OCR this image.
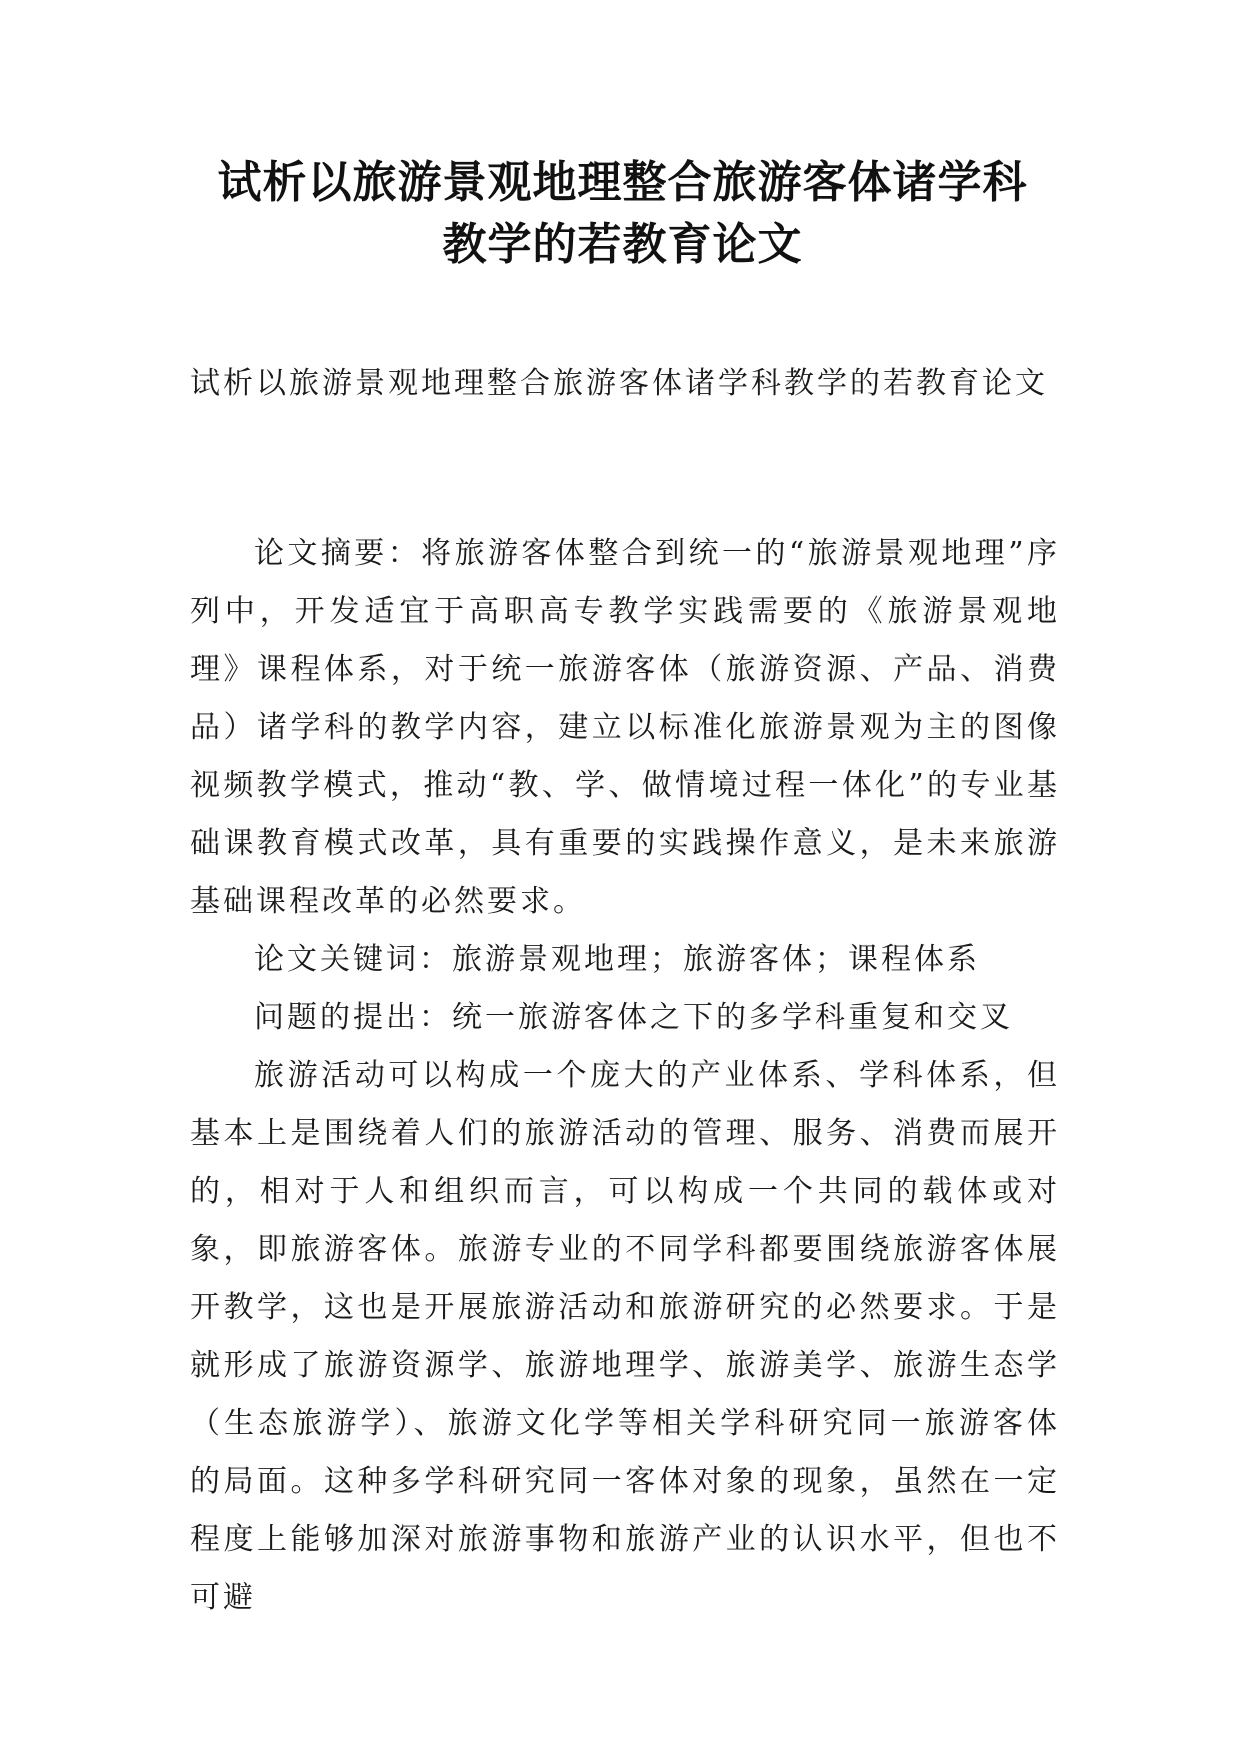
试析以旅游景观地理整合旅游客体诸学科
教学的若教育论文
试析以旅游景观地理整合旅游客体诸学科教学的若教育论文

论文摘要：将旅游客体整合到统一的“旅游景观地理”序列中，开发适宜于高职高专教学实践需要的《旅游景观地理》课程体系，对于统一旅游客体（旅游资源、产品、消费品）诸学科的教学内容，建立以标准化旅游景观为主的图像视频教学模式，推动“教、学、做情境过程一体化”的专业基础课教育模式改革，具有重要的实践操作意义，是未来旅游基础课程改革的必然要求。

论文关键词：旅游景观地理；旅游客体；课程体系

问题的提出：统一旅游客体之下的多学科重复和交叉

旅游活动可以构成一个庞大的产业体系、学科体系，但基本上是围绕着人们的旅游活动的管理、服务、消费而展开的，相对于人和组织而言，可以构成一个共同的载体或对象，即旅游客体。旅游专业的不同学科都要围绕旅游客体展开教学，这也是开展旅游活动和旅游研究的必然要求。于是就形成了旅游资源学、旅游地理学、旅游美学、旅游生态学（生态旅游学）、旅游文化学等相关学科研究同一旅游客体的局面。这种多学科研究同一客体对象的现象，虽然在一定程度上能够加深对旅游事物和旅游产业的认识水平，但也不可避
